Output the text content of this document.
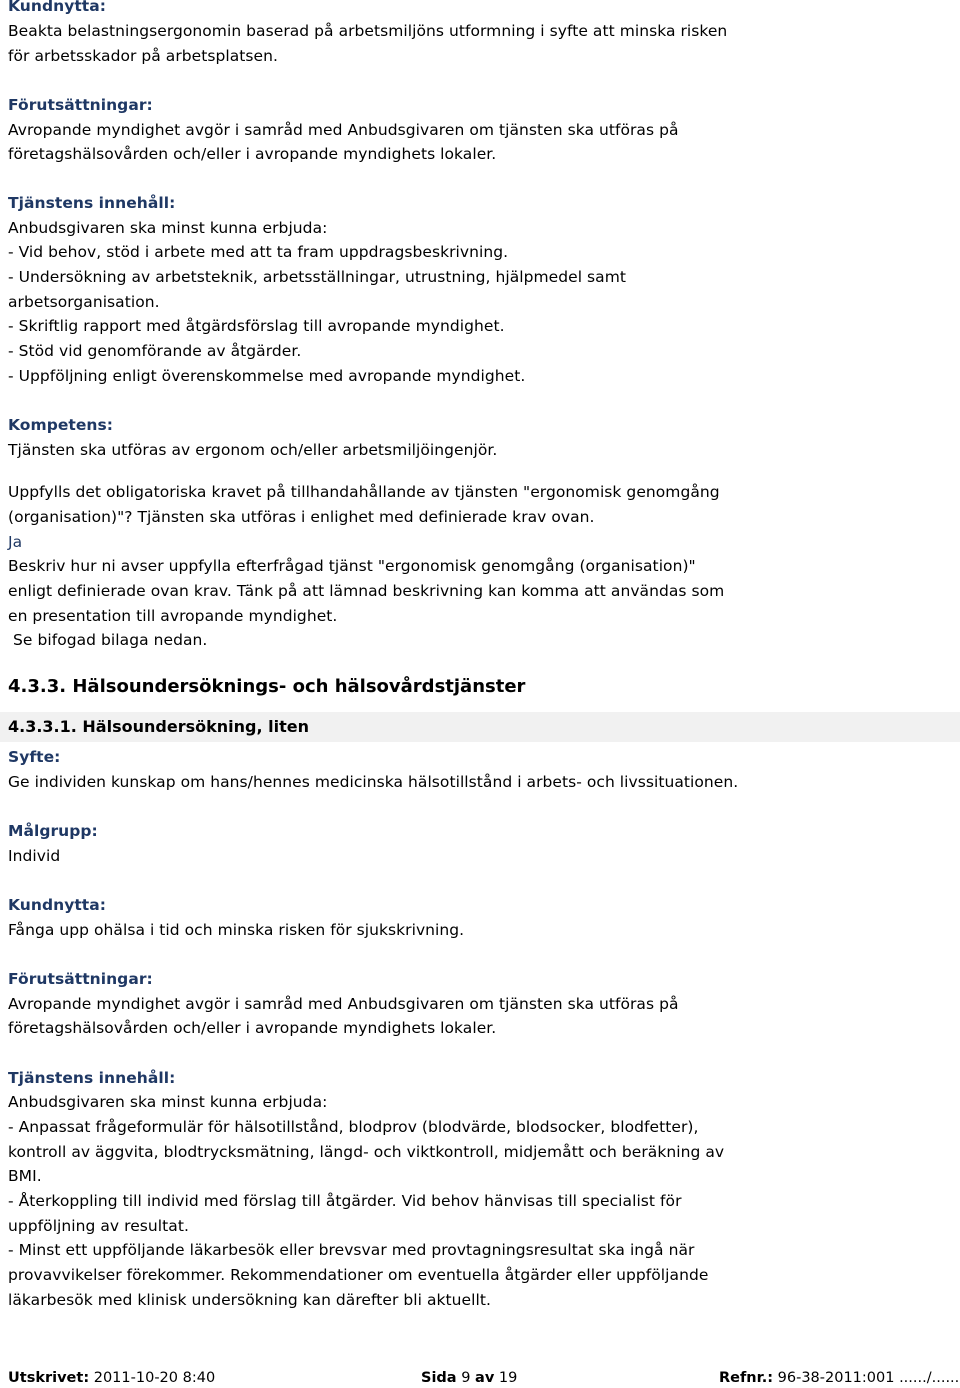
Kundnytta:
Beakta belastningsergonomin baserad på arbetsmiljöns utformning i syfte att minska risken
för arbetsskador på arbetsplatsen.
Förutsättningar:
Avropande myndighet avgör i samråd med Anbudsgivaren om tjänsten ska utföras på
företagshälsovården och/eller i avropande myndighets lokaler.
Tjänstens innehåll:
Anbudsgivaren ska minst kunna erbjuda:
- Vid behov, stöd i arbete med att ta fram uppdragsbeskrivning.
- Undersökning av arbetsteknik, arbetsställningar, utrustning, hjälpmedel samt
arbetsorganisation.
- Skriftlig rapport med åtgärdsförslag till avropande myndighet.
- Stöd vid genomförande av åtgärder.
- Uppföljning enligt överenskommelse med avropande myndighet.
Kompetens:
Tjänsten ska utföras av ergonom och/eller arbetsmiljöingenjör.
Uppfylls det obligatoriska kravet på tillhandahållande av tjänsten "ergonomisk genomgång
(organisation)"? Tjänsten ska utföras i enlighet med definierade krav ovan.
Ja
Beskriv hur ni avser uppfylla efterfrågad tjänst "ergonomisk genomgång (organisation)"
enligt definierade ovan krav. Tänk på att lämnad beskrivning kan komma att användas som
en presentation till avropande myndighet.
Se bifogad bilaga nedan.
4.3.3. Hälsoundersöknings- och hälsovårdstjänster
4.3.3.1. Hälsoundersökning, liten
Syfte:
Ge individen kunskap om hans/hennes medicinska hälsotillstånd i arbets- och livssituationen.
Målgrupp:
Individ
Kundnytta:
Fånga upp ohälsa i tid och minska risken för sjukskrivning.
Förutsättningar:
Avropande myndighet avgör i samråd med Anbudsgivaren om tjänsten ska utföras på
företagshälsovården och/eller i avropande myndighets lokaler.
Tjänstens innehåll:
Anbudsgivaren ska minst kunna erbjuda:
- Anpassat frågeformulär för hälsotillstånd, blodprov (blodvärde, blodsocker, blodfetter),
kontroll av äggvita, blodtrycksmätning, längd- och viktkontroll, midjemått och beräkning av
BMI.
- Återkoppling till individ med förslag till åtgärder. Vid behov hänvisas till specialist för
uppföljning av resultat.
- Minst ett uppföljande läkarbesök eller brevsvar med provtagningsresultat ska ingå när
provavvikelser förekommer. Rekommendationer om eventuella åtgärder eller uppföljande
läkarbesök med klinisk undersökning kan därefter bli aktuellt.
Utskrivet: 2011-10-20 8:40	Sida 9 av 19	Refnr.: 96-38-2011:001 ....../......
